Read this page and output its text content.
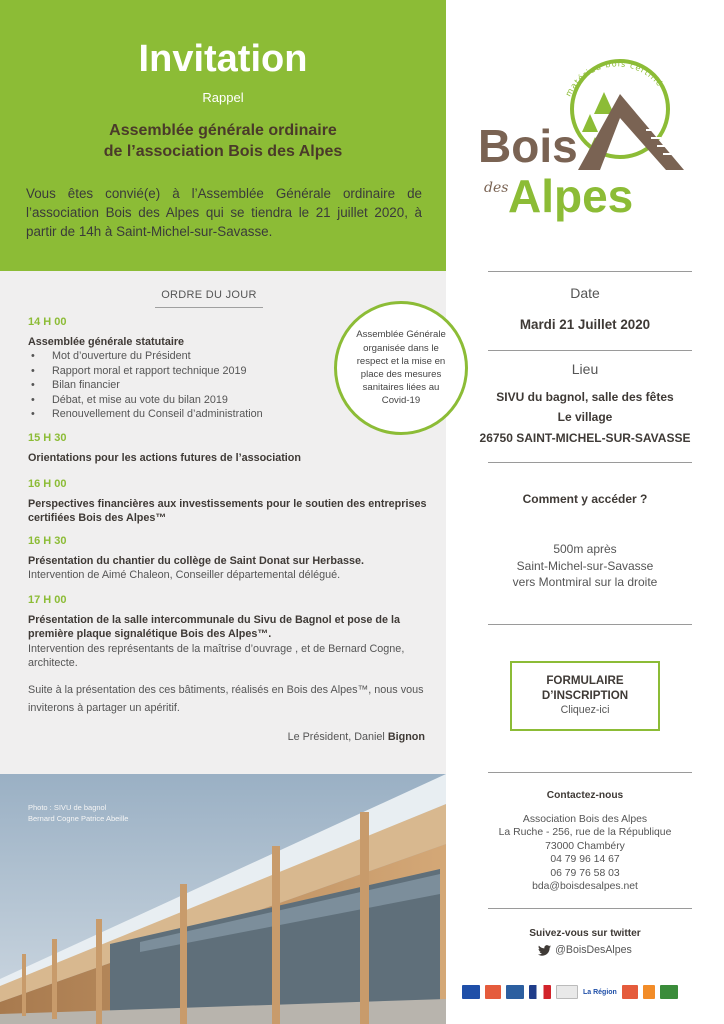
Invitation
Rappel
Assemblée générale ordinaire
de l’association Bois des Alpes

Vous êtes convié(e) à l’Assemblée Générale ordinaire de l’association Bois des Alpes qui se tiendra le 21 juillet 2020, à partir de 14h à Saint-Michel-sur-Savasse.

ORDRE DU JOUR
14 H 00
Assemblée générale statutaire
• Mot d’ouverture du Président
• Rapport moral et rapport technique 2019
• Bilan financier
• Débat, et mise au vote du bilan 2019
• Renouvellement du Conseil d’administration
15 H 30
Orientations pour les actions futures de l’association
16 H 00
Perspectives financières aux investissements pour le soutien des entreprises certifiées Bois des Alpes™
16 H 30
Présentation du chantier du collège de Saint Donat sur Herbasse.
Intervention de Aimé Chaleon, Conseiller départemental délégué.
17 H 00
Présentation de la salle intercommunale du Sivu de Bagnol et pose de la première plaque signalétique Bois des Alpes™.
Intervention des représentants de la maîtrise d’ouvrage , et de Bernard Cogne, architecte.

Suite à la présentation des ces bâtiments, réalisés en Bois des Alpes™, nous vous inviterons à partager un apéritif.

Le Président, Daniel Bignon
Assemblée Générale organisée dans le respect et la mise en place des mesures sanitaires liées au Covid-19
Photo : SIVU de bagnol
Bernard Cogne Patrice Abeille
matériau bois certifié
Bois
des Alpes
Date
Mardi 21 Juillet 2020
Lieu
SIVU du bagnol, salle des fêtes
Le village
26750 SAINT-MICHEL-SUR-SAVASSE
Comment y accéder ?
500m après
Saint-Michel-sur-Savasse
vers Montmiral sur la droite
FORMULAIRE
D’INSCRIPTION
Cliquez-ici
Contactez-nous
Association Bois des Alpes
La Ruche - 256, rue de la République
73000 Chambéry
04 79 96 14 67
06 79 76 58 03
bda@boisdesalpes.net
Suivez-vous sur twitter
@BoisDesAlpes
La Région
